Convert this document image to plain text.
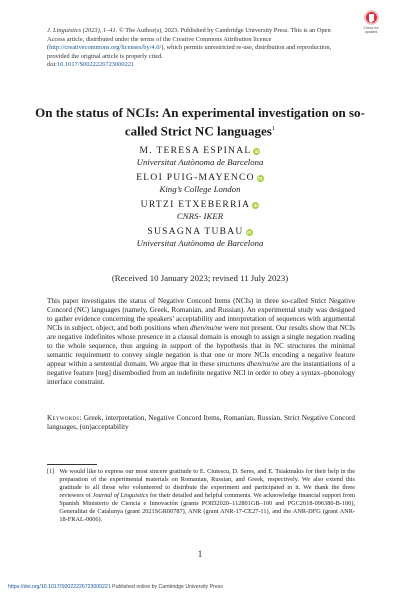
J. Linguistics (2023), 1–41. © The Author(s), 2023. Published by Cambridge University Press. This is an Open Access article, distributed under the terms of the Creative Commons Attribution licence (http://creativecommons.org/licenses/by/4.0/), which permits unrestricted re-use, distribution and reproduction, provided the original article is properly cited.
doi:10.1017/S0022226723000221
Check for
updates
On the status of NCIs: An experimental investigation on so-called Strict NC languages$^1$
M. TERESA ESPINAL iD
Universitat Autònoma de Barcelona
ELOI PUIG-MAYENCO iD
King’s College London
URTZI ETXEBERRIA iD
CNRS- IKER
SUSAGNA TUBAU iD
Universitat Autònoma de Barcelona
(Received 10 January 2023; revised 11 July 2023)
This paper investigates the status of Negative Concord Items (NCIs) in three so-called Strict Negative Concord (NC) languages (namely, Greek, Romanian, and Russian). An experimental study was designed to gather evidence concerning the speakers’ acceptability and interpretation of sequences with argumental NCIs in subject, object, and both positions when dhen/nu/ne were not present. Our results show that NCIs are negative indefinites whose presence in a clausal domain is enough to assign a single negation reading to the whole sequence, thus arguing in support of the hypothesis that in NC structures the minimal semantic requirement to convey single negation is that one or more NCIs encoding a negative feature appear within a sentential domain. We argue that in these structures dhen/nu/ne are the instantiations of a negative feature [neg] disembodied from an indefinite negative NCI in order to obey a syntax–phonology interface constraint.
Keywords: Greek, interpretation, Negative Concord Items, Romanian, Russian, Strict Negative Concord languages, (un)acceptability
[1] We would like to express our most sincere gratitude to E. Ciutescu, D. Seres, and E. Tsiakmakis for their help in the preparation of the experimental materials on Romanian, Russian, and Greek, respectively. We also extend this gratitude to all those who volunteered to distribute the experiment and participated in it. We thank the three reviewers of Journal of Linguistics for their detailed and helpful comments. We acknowledge financial support from Spanish Ministerio de Ciencia e Innovación (grants POID2020–112801GB–100 and PGC2018-096380-B-100), Generalitat de Catalunya (grant 2021SGR00787), ANR (grant ANR-17-CE27-11), and the ANR-DFG (grant ANR-18-FRAL-0006).
1
https://doi.org/10.1017/S0022226723000221 Published online by Cambridge University Press
